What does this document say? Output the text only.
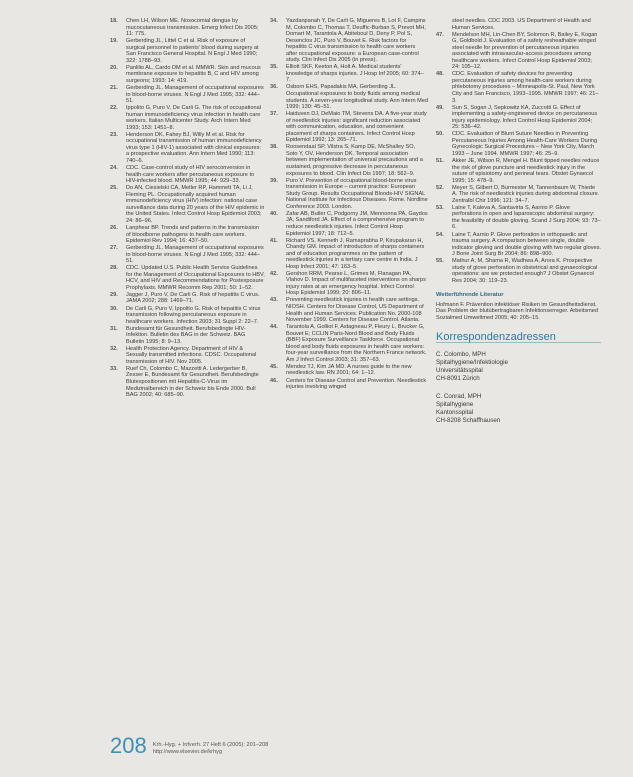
18.	Chen LH, Wilson ME. Nosocomial dengue by mucocutaneous transmission. Emerg Infect Dis 2005; 11: 775.
19.	Gerberding JL, Littel C et al. Risk of exposure of surgical personnel to patients' blood during surgery at San Francisco General Hospital. N Engl J Med 1990; 322: 1788–93.
20.	Panlilio AL, Cardo DM et al. MMWR. Skin and mucous membrane exposure to hepatitis B, C and HIV among surgeons; 1993: 14: 419.
21.	Gerberding JL. Management of occupational exposures to blood-borne viruses. N Engl J Med 1995; 332: 444–51.
22.	Ippolito G, Puro V, De Carli G. The risk of occupational human immunodeficiency virus infection in health care workers. Italian Multicenter Study. Arch Intern Med 1993; 153: 1451–8.
23.	Henderson DK, Fahey BJ, Willy M et al. Risk for occupational transmission of human immunodeficiency virus type 1 (HIV-1) associated with clinical exposures: a prospective evaluation. Ann Intern Med 1990; 113: 740–6.
24.	CDC. Case-control study of HIV seroconversion in health-care workers after percutaneous exposure to HIV-infected blood. MMWR 1995; 44: 929–33.
25.	Do AN, Ciesielski CA, Metler RP, Hammett TA, Li J, Fleming PL. Occupationally acquired human immunodeficiency virus (HIV) infection: national case surveillance data during 20 years of the HIV epidemic in the United States. Infect Control Hosp Epidemiol 2003; 24: 86–96.
26.	Lanphear BP. Trends and patterns in the transmission of bloodborne pathogens to health care workers. Epidemiol Rev 1994; 16: 437–50.
27.	Gerberding JL. Management of occupational exposures to blood-borne viruses. N Engl J Med 1995; 332: 444–51.
28.	CDC. Updated U.S. Public Health Service Guidelines for the Management of Occupational Exposures to HBV, HCV, and HIV and Recommendations for Postexposure Prophylaxis. MMWR Recomm Rep 2001; 50: 1–52.
29.	Jagger J, Puro V, De Carli G. Risk of hepatitis C virus. JAMA 2002; 288: 1469–71.
30.	De Carli G, Puro V, Ippolito G. Risk of hepatitis C virus transmission following percutaneous exposure in healthcare workers. Infection 2003; 31 Suppl 2: 22–7.
31.	Bundesamt für Gesundheit. Berufsbedingte HIV-Infektion. Bulletin des BAG in der Schweiz. BAG Bulletin 1995; 8: 9–13.
32.	Health Protection Agency. Department of HIV & Sexually transmitted infections. CDSC. Occupational transmission of HIV. Nov 2005.
33.	Ruef Ch, Colombo C, Mazzetti A. Ledergerber B, Zesser E, Bundesamt für Gesundheit. Berufsbedingte Blutexpositionen mit Hepatitis-C-Virus im Medizinalbereich in der Schweiz bis Ende 2000. Bull BAG 2002; 40: 685–90.
34.	Yazdanpanah Y, De Carli G, Migueres B, Lot F, Campins M, Colombo C, Thomas T, Deuffic-Burban S, Prevot MH, Domart M, Tarantola A, Abiteboul D, Deny P, Pol S, Desenclos JC, Puro V, Bouvet E. Risk factors for hepatitis C virus transmission to health care workers after occupational exposure: a European case-control study. Clin Infect Dis 2005 (in press).
35.	Elliott SKF, Keeton A, Holt A. Medical students' knowledge of sharps injuries. J Hosp Inf 2005; 60: 374–7.
36.	Osborn EHS, Papadakis MA, Gerberding JL. Occupational exposures to body fluids among medical students. A seven-year longitudinal study. Ann Intern Med 1999; 130: 45–51.
37.	Haiduven DJ, DeMaio TM, Stevens DA. A five-year study of needlestick injuries: significant reduction associated with communication, education, and convenient placement of sharps containers. Infect Control Hosp Epidemiol 1992; 13: 265–71.
38.	Roosendaal SP, Vilstra S, Kamp DE, McShalley SO, Soto Y, OV, Henderson DK. Temporal association between implementation of universal precautions and a sustained, progressive decrease in percutaneous exposures to blood. Clin Infect Dis 1997; 18: 562–9.
39.	Puro V. Prevention of occupational blood-borne virus transmission in Europe – current practice: European Study Group. Results Occupational Bloods-HIV SIGNAL National Institute for Infectious Diseases. Rome. Nordline Conference 2003. London.
40.	Zafar AB, Butler C, Podgorny JM, Mennonna PA, Gaydos JA, Sandiford JA. Effect of a comprehensive program to reduce needlestick injuries. Infect Control Hosp Epidemiol 1997; 18: 712–5.
41.	Richard VS, Kenneth J, Ramaprabha P, Kirupakaran H, Chandy GM. Impact of introduction of sharps containers and of education programmes on the pattern of needlestick injuries in a tertiary care centre in India. J Hosp Infect 2001; 47: 163–5.
42.	Gershon RRM, Pearse L, Grimes M, Flanagan PA, Vlahov D. Impact of multifaceted interventions on sharps injury rates at an emergency hospital. Infect Control Hosp Epidemiol 1999; 20: 806–11.
43.	Preventing needlestick injuries in health care settings. NIOSH. Centers for Disease Control, US Department of Health and Human Services. Publication No. 2000-108 November 1999. Centers for Disease Control. Atlanta.
44.	Tarantola A, Golliot F, Astagneau P, Fleury L, Brucker G, Bouvet E; CCLIN Paris-Nord Blood and Body Fluids (BBF) Exposure Surveillance Taskforce. Occupational blood and body fluids exposures in health care workers: four-year surveillance from the Northern France network. Am J Infect Control 2003; 31: 357–63.
45.	Mendez TJ, Kim JA MD. A nurses guide to the new needlestick law. RN 2001; 64: 1–12.
46.	Centers for Disease Control and Prevention. Needlestick injuries involving winged
steel needles. CDC 2003. US Department of Health and Human Services.
47.	Mendelson MH, Lin-Chen BY, Solomon R, Bailey E, Kogan G, Goldbold J. Evaluation of a safety resheathable winged steel needle for prevention of percutaneous injuries associated with intravascular-access procedures among healthcare workers. Infect Control Hosp Epidemiol 2003; 24: 105–12.
48.	CDC. Evaluation of safety devices for preventing percutaneous injuries among health-care workers during phlebotomy procedures – Minneapolis-St. Paul, New York City and San Francisco, 1993–1995. MMWR 1997; 46: 21–3.
49.	Sun S, Sogan J, Sepkowitz KA, Zuccotti G. Effect of implementing a safety-engineered device on percutaneous injury epidemiology. Infect Control Hosp Epidemiol 2004; 25: 536–42.
50.	CDC. Evaluation of Blunt Suture Needles in Preventing Percutaneous Injuries Among Health-Care Workers During Gynecologic Surgical Procedures – New York City, March 1993 – June 1994. MMWR 1997; 46: 25–9.
51.	Akker JE, Wilson R, Mengel H. Blunt tipped needles reduce the risk of glove puncture and needlestick injury in the suture of episiotomy and perineal tears. Obstet Gynaecol 1995; 15: 478–9.
52.	Meyer S, Gilbert D, Burmester M, Tannenbaum W, Thiede A. The risk of needlestick injuries during abdominal closure. Zentralbl Chir 1996; 121: 34–7.
53.	Laine T, Kaleva A, Santavirta S, Aarnio P. Glove perforations in open and laparoscopic abdominal surgery: the feasibility of double gloving. Scand J Surg 2004; 93: 73–6.
54.	Laine T, Aarnio P. Glove perforation in orthopaedic and trauma surgery. A comparison between single, double indicator gloving and double gloving with two regular gloves. J Bone Joint Surg Br 2004; 86: 898–900.
55.	Mathur A, M, Shama R, Wadhwa A, Arora K. Prospective study of glove perforation in obstetrical and gynaecological operations: are we protected enough? J Obstet Gynaecol Res 2004; 30: 119–23.
Weiterführende Literatur
Hofmann F. Prävention infektiöser Risiken im Gesundheitsdienst. Das Problem der blutübertragbaren Infektionserreger. Arbeitsmed Sozialmed Umweltmed 2005; 40: 205–15.
Korrespondenzadressen
C. Colombo, MPH
Spitalhygiene/Infektiologie
Universitätsspital
CH-8091 Zürich
C. Conrad, MPH
Spitalhygiene
Kantonsspital
CH-8208 Schaffhausen
208 Krh.-Hyg. + Infverh. 27 Heft 6 (2005): 201–208
http://www.elsevier.de/krhyg
